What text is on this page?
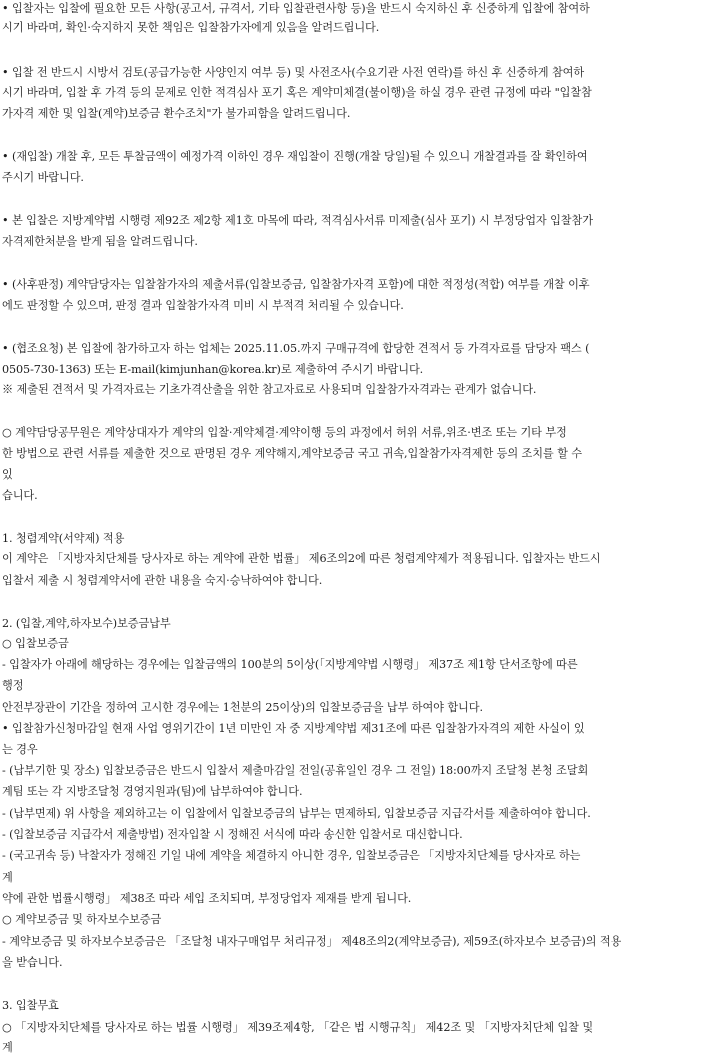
• 입찰자는 입찰에 필요한 모든 사항(공고서, 규격서, 기타 입찰관련사항 등)을 반드시 숙지하신 후 신중하게 입찰에 참여하
시기 바라며, 확인·숙지하지 못한 책임은 입찰참가자에게 있음을 알려드립니다.
• 입찰 전 반드시 시방서 검토(공급가능한 사양인지 여부 등) 및 사전조사(수요기관 사전 연락)를 하신 후 신중하게 참여하
시기 바라며, 입찰 후 가격 등의 문제로 인한 적격심사 포기 혹은 계약미체결(불이행)을 하실 경우 관련 규정에 따라 "입찰참
가자격 제한 및 입찰(계약)보증금 환수조치"가 불가피함을 알려드립니다.
• (재입찰) 개찰 후, 모든 투찰금액이 예정가격 이하인 경우 재입찰이 진행(개찰 당일)될 수 있으니 개찰결과를 잘 확인하여
주시기 바랍니다.
• 본 입찰은 지방계약법 시행령 제92조 제2항 제1호 마목에 따라, 적격심사서류 미제출(심사 포기) 시 부정당업자 입찰참가
자격제한처분을 받게 됨을 알려드립니다.
• (사후판정) 계약담당자는 입찰참가자의 제출서류(입찰보증금, 입찰참가자격 포함)에 대한 적정성(적합) 여부를 개찰 이후
에도 판정할 수 있으며, 판정 결과 입찰참가자격 미비 시 부적격 처리될 수 있습니다.
• (협조요청) 본 입찰에 참가하고자 하는 업체는 2025.11.05.까지 구매규격에 합당한 견적서 등 가격자료를 담당자 팩스 (
0505-730-1363) 또는 E-mail(kimjunhan@korea.kr)로 제출하여 주시기 바랍니다.
※ 제출된 견적서 및 가격자료는 기초가격산출을 위한 참고자료로 사용되며 입찰참가자격과는 관계가 없습니다.
○ 계약담당공무원은 계약상대자가 계약의 입찰·계약체결·계약이행 등의 과정에서 허위 서류,위조·변조 또는 기타 부정
한 방법으로 관련 서류를 제출한 것으로 판명된 경우 계약해지,계약보증금 국고 귀속,입찰참가자격제한 등의 조치를 할 수
있
습니다.
1. 청렴계약(서약제) 적용
이 계약은 「지방자치단체를 당사자로 하는 계약에 관한 법률」 제6조의2에 따른 청렴계약제가 적용됩니다. 입찰자는 반드시
입찰서 제출 시 청렴계약서에 관한 내용을 숙지·승낙하여야 합니다.
2. (입찰,계약,하자보수)보증금납부
○ 입찰보증금
- 입찰자가 아래에 해당하는 경우에는 입찰금액의 100분의 5이상(「지방계약법 시행령」 제37조 제1항 단서조항에 따른
행정
안전부장관이 기간을 정하여 고시한 경우에는 1천분의 25이상)의 입찰보증금을 납부 하여야 합니다.
• 입찰참가신청마감일 현재 사업 영위기간이 1년 미만인 자 중 지방계약법 제31조에 따른 입찰참가자격의 제한 사실이 있
는 경우
- (납부기한 및 장소) 입찰보증금은 반드시 입찰서 제출마감일 전일(공휴일인 경우 그 전일) 18:00까지 조달청 본청 조달회
계팀 또는 각 지방조달청 경영지원과(팀)에 납부하여야 합니다.
- (납부면제) 위 사항을 제외하고는 이 입찰에서 입찰보증금의 납부는 면제하되, 입찰보증금 지급각서를 제출하여야 합니다.
- (입찰보증금 지급각서 제출방법) 전자입찰 시 정해진 서식에 따라 송신한 입찰서로 대신합니다.
- (국고귀속 등) 낙찰자가 정해진 기일 내에 계약을 체결하지 아니한 경우, 입찰보증금은 「지방자치단체를 당사자로 하는
계
약에 관한 법률시행령」 제38조 따라 세입 조치되며, 부정당업자 제재를 받게 됩니다.
○ 계약보증금 및 하자보수보증금
- 계약보증금 및 하자보수보증금은 「조달청 내자구매업무 처리규정」 제48조의2(계약보증금), 제59조(하자보수 보증금)의 적용
을 받습니다.
3. 입찰무효
○ 「지방자치단체를 당사자로 하는 법률 시행령」 제39조제4항, 「같은 법 시행규칙」 제42조 및 「지방자치단체 입찰 및
계
